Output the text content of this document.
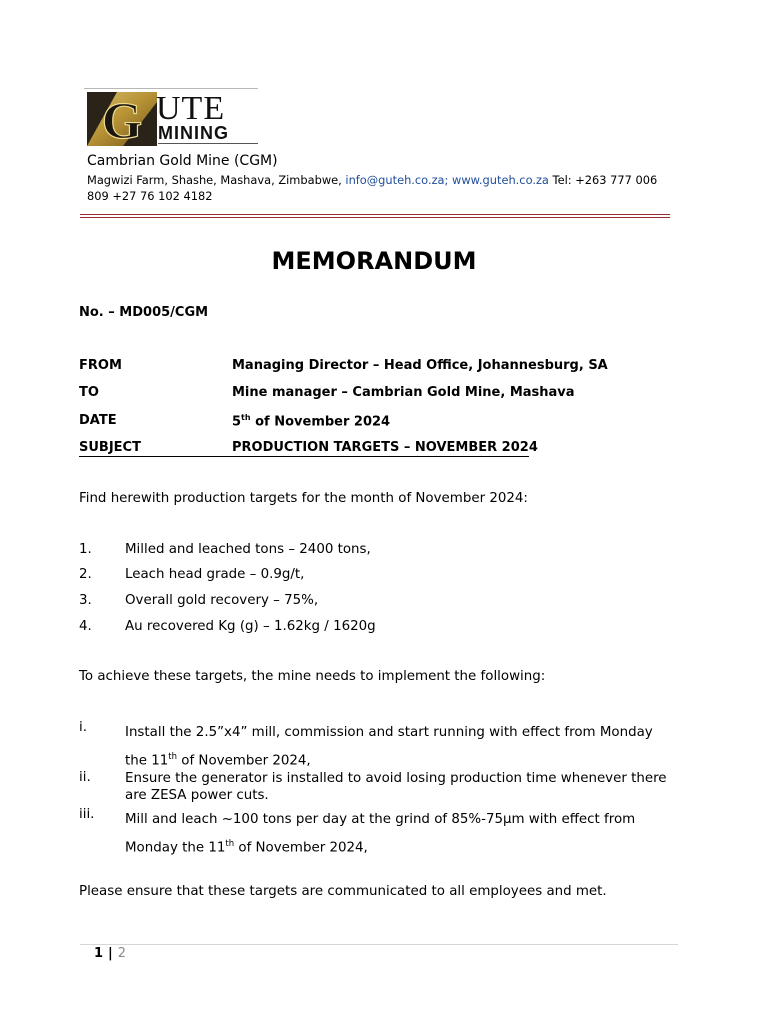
G UTE
MINING
Cambrian Gold Mine (CGM)
Magwizi Farm, Shashe, Mashava, Zimbabwe, info@guteh.co.za; www.guteh.co.za Tel: +263 777 006
809 +27 76 102 4182
MEMORANDUM
No. – MD005/CGM
FROM	Managing Director – Head Office, Johannesburg, SA
TO	Mine manager – Cambrian Gold Mine, Mashava
DATE	5th of November 2024
SUBJECT	PRODUCTION TARGETS – NOVEMBER 2024
Find herewith production targets for the month of November 2024:
1. Milled and leached tons – 2400 tons,
2. Leach head grade – 0.9g/t,
3. Overall gold recovery – 75%,
4. Au recovered Kg (g) – 1.62kg / 1620g
To achieve these targets, the mine needs to implement the following:
i.	Install the 2.5”x4” mill, commission and start running with effect from Monday
the 11th of November 2024,
ii.	Ensure the generator is installed to avoid losing production time whenever there
are ZESA power cuts.
iii. Mill and leach ~100 tons per day at the grind of 85%-75µm with effect from
Monday the 11th of November 2024,
Please ensure that these targets are communicated to all employees and met.
1 | 2
